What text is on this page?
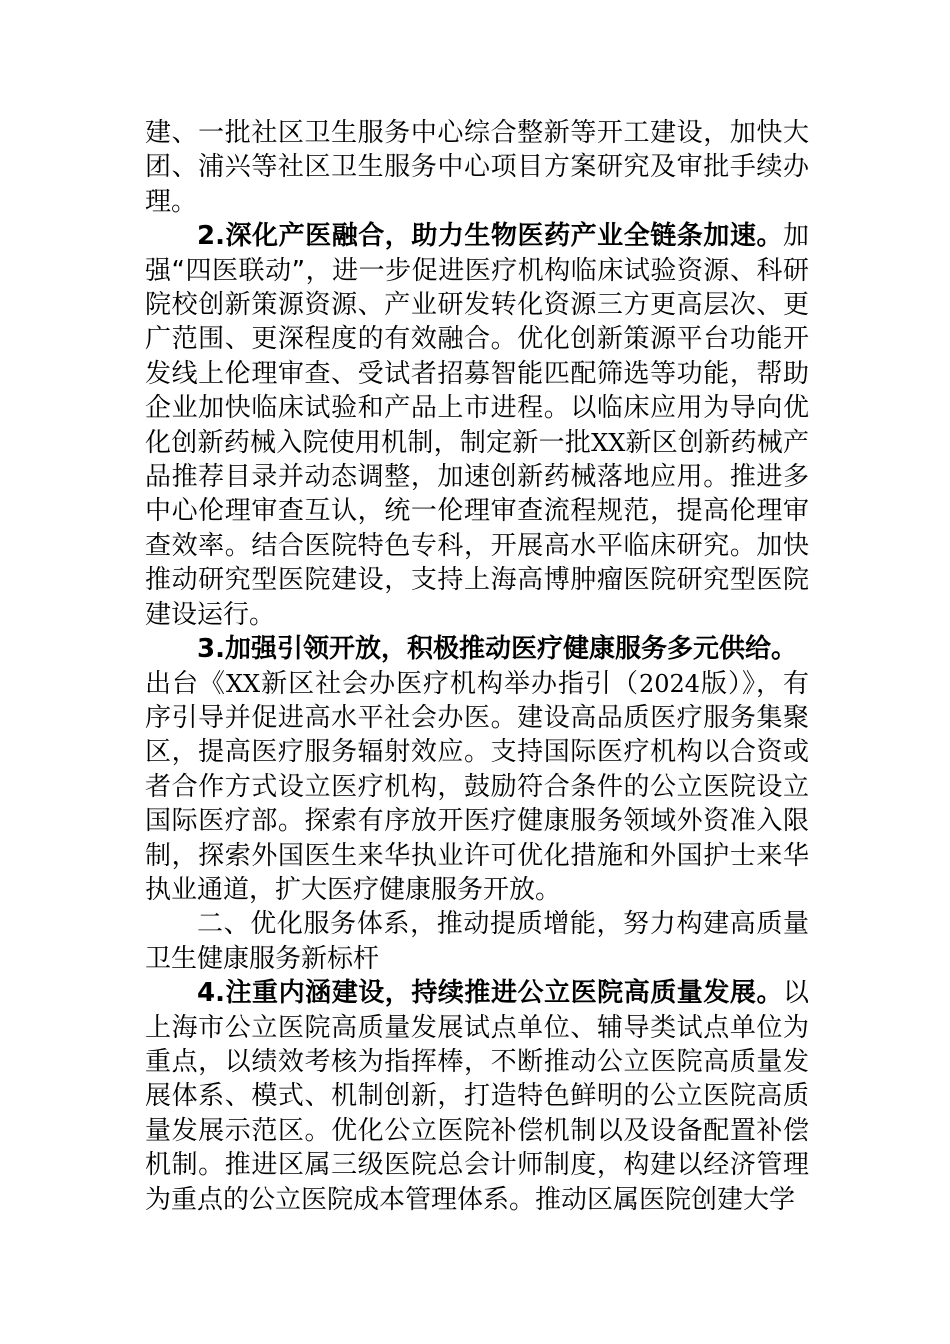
建、一批社区卫生服务中心综合整新等开工建设，加快大团、浦兴等社区卫生服务中心项目方案研究及审批手续办理。

2.深化产医融合，助力生物医药产业全链条加速。加强“四医联动”，进一步促进医疗机构临床试验资源、科研院校创新策源资源、产业研发转化资源三方更高层次、更广范围、更深程度的有效融合。优化创新策源平台功能开发线上伦理审查、受试者招募智能匹配筛选等功能，帮助企业加快临床试验和产品上市进程。以临床应用为导向优化创新药械入院使用机制，制定新一批XX新区创新药械产品推荐目录并动态调整，加速创新药械落地应用。推进多中心伦理审查互认，统一伦理审查流程规范，提高伦理审查效率。结合医院特色专科，开展高水平临床研究。加快推动研究型医院建设，支持上海高博肿瘤医院研究型医院建设运行。

3.加强引领开放，积极推动医疗健康服务多元供给。
出台《XX新区社会办医疗机构举办指引（2024版）》，有序引导并促进高水平社会办医。建设高品质医疗服务集聚区，提高医疗服务辐射效应。支持国际医疗机构以合资或者合作方式设立医疗机构，鼓励符合条件的公立医院设立国际医疗部。探索有序放开医疗健康服务领域外资准入限制，探索外国医生来华执业许可优化措施和外国护士来华执业通道，扩大医疗健康服务开放。

二、优化服务体系，推动提质增能，努力构建高质量卫生健康服务新标杆

4.注重内涵建设，持续推进公立医院高质量发展。以上海市公立医院高质量发展试点单位、辅导类试点单位为重点，以绩效考核为指挥棒，不断推动公立医院高质量发展体系、模式、机制创新，打造特色鲜明的公立医院高质量发展示范区。优化公立医院补偿机制以及设备配置补偿机制。推进区属三级医院总会计师制度，构建以经济管理为重点的公立医院成本管理体系。推动区属医院创建大学
